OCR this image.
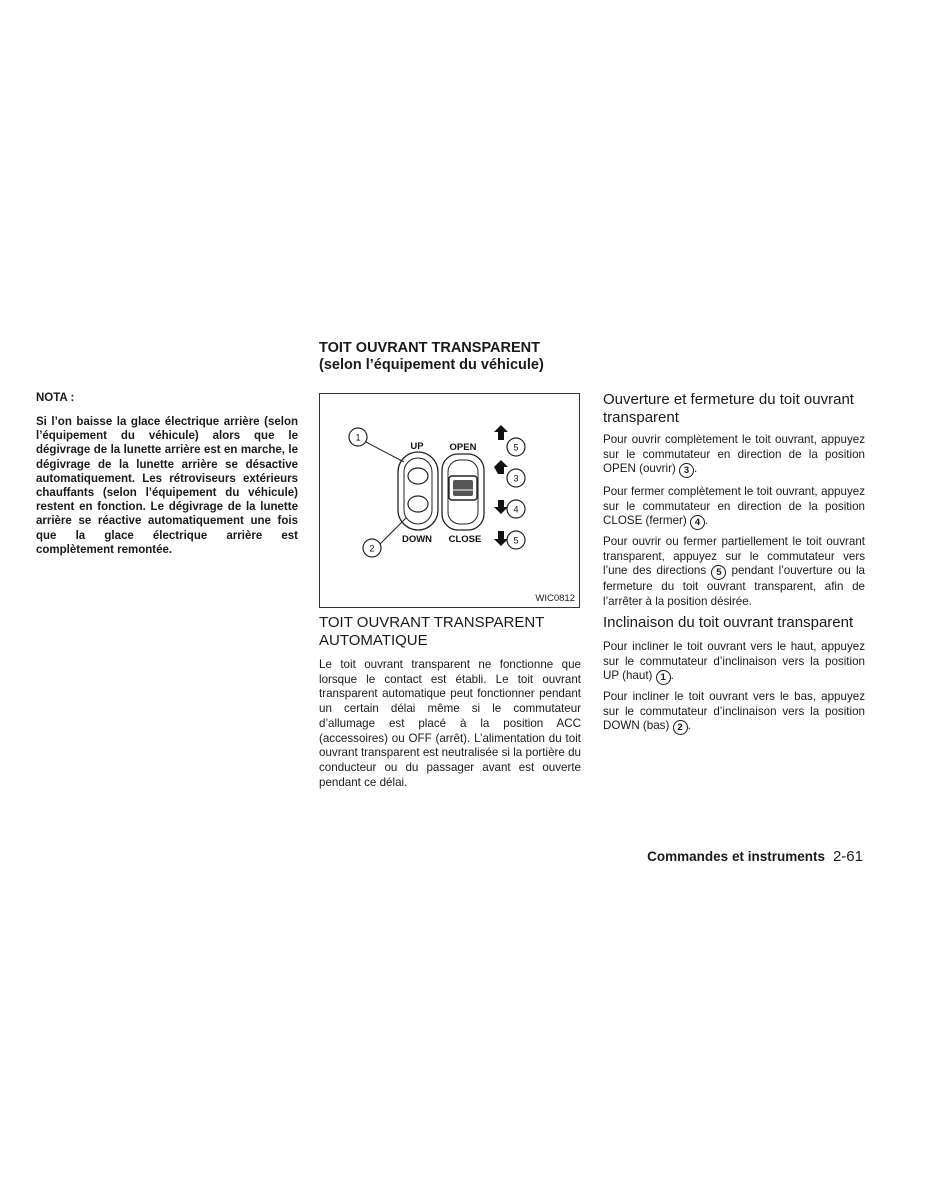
NOTA :
Si l’on baisse la glace électrique arrière (selon l’équipement du véhicule) alors que le dégivrage de la lunette arrière est en marche, le dégivrage de la lunette arrière se désactive automatiquement. Les rétroviseurs extérieurs chauffants (selon l’équipement du véhicule) restent en fonction. Le dégivrage de la lunette arrière se réactive automatiquement une fois que la glace électrique arrière est complètement remontée.
TOIT OUVRANT TRANSPARENT
(selon l’équipement du véhicule)
1
2
3
4
5
5
UP
DOWN
OPEN
CLOSE
WIC0812
TOIT OUVRANT TRANSPARENT AUTOMATIQUE
Le toit ouvrant transparent ne fonctionne que lorsque le contact est établi. Le toit ouvrant transparent automatique peut fonctionner pendant un certain délai même si le commutateur d’allumage est placé à la position ACC (accessoires) ou OFF (arrêt). L’alimentation du toit ouvrant transparent est neutralisée si la portière du conducteur ou du passager avant est ouverte pendant ce délai.
Ouverture et fermeture du toit ouvrant transparent
Pour ouvrir complètement le toit ouvrant, appuyez sur le commutateur en direction de la position OPEN (ouvrir) 3 .
Pour fermer complètement le toit ouvrant, appuyez sur le commutateur en direction de la position CLOSE (fermer) 4 .
Pour ouvrir ou fermer partiellement le toit ouvrant transparent, appuyez sur le commutateur vers l’une des directions 5 pendant l’ouverture ou la fermeture du toit ouvrant transparent, afin de l’arrêter à la position désirée.
Inclinaison du toit ouvrant transparent
Pour incliner le toit ouvrant vers le haut, appuyez sur le commutateur d’inclinaison vers la position UP (haut) 1 .
Pour incliner le toit ouvrant vers le bas, appuyez sur le commutateur d’inclinaison vers la position DOWN (bas) 2 .
Commandes et instruments 2-61
